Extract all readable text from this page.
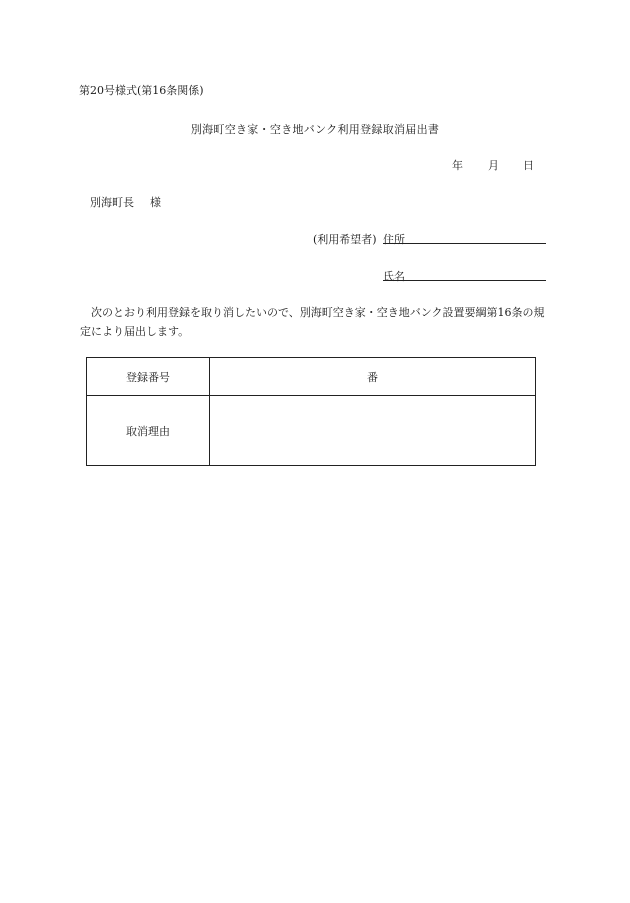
第20号様式(第16条関係)
別海町空き家・空き地バンク利用登録取消届出書
年 月 日
別海町長 様
(利用希望者) 住所
氏名
次のとおり利用登録を取り消したいので、別海町空き家・空き地バンク設置要綱第16条の規定により届出します。
登録番号	番
取消理由	
